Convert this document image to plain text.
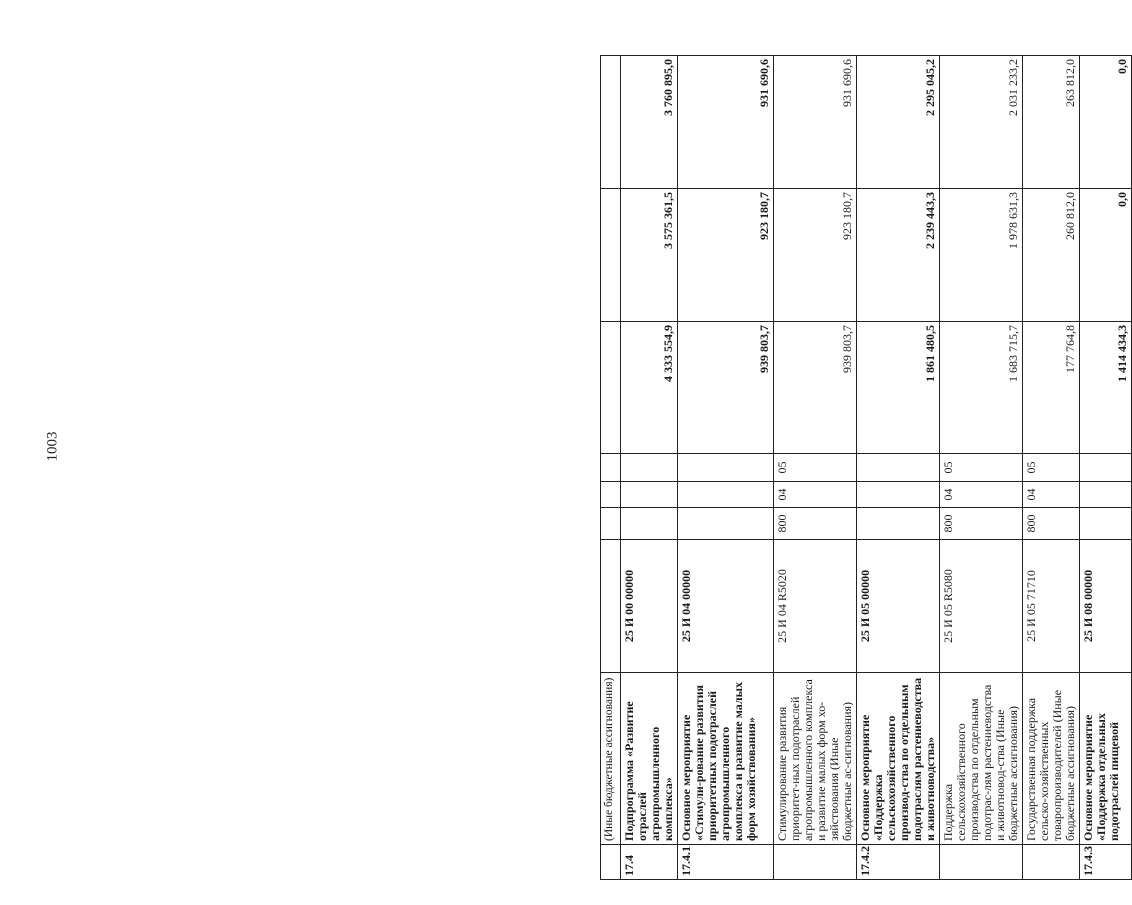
1003
	(Иные бюджетные ассигнования)							
17.4	Подпрограмма «Развитие отраслей агропромышленного комплекса»	25 И 00 00000				4 333 554,9	3 575 361,5	3 760 895,0
17.4.1	Основное мероприятие «Стимули-рование развития приоритетных подотраслей агропромышленного комплекса и развитие малых форм хозяйствования»	25 И 04 00000				939 803,7	923 180,7	931 690,6
	Стимулирование развития приоритет-ных подотраслей агропромышленного комплекса и развитие малых форм хо-зяйствования (Иные бюджетные ас-сигнования)	25 И 04 R5020	800	04	05	939 803,7	923 180,7	931 690,6
17.4.2	Основное мероприятие «Поддержка сельскохозяйственного производ-ства по отдельным подотраслям растениеводства и животноводства»	25 И 05 00000				1 861 480,5	2 239 443,3	2 295 045,2
	Поддержка сельскохозяйственного производства по отдельным подотрас-лям растениеводства и животновод-ства (Иные бюджетные ассигнования)	25 И 05 R5080	800	04	05	1 683 715,7	1 978 631,3	2 031 233,2
	Государственная поддержка сельско-хозяйственных товаропроизводителей (Иные бюджетные ассигнования)	25 И 05 71710	800	04	05	177 764,8	260 812,0	263 812,0
17.4.3	Основное мероприятие «Поддержка отдельных подотраслей пищевой	25 И 08 00000				1 414 434,3	0,0	0,0
